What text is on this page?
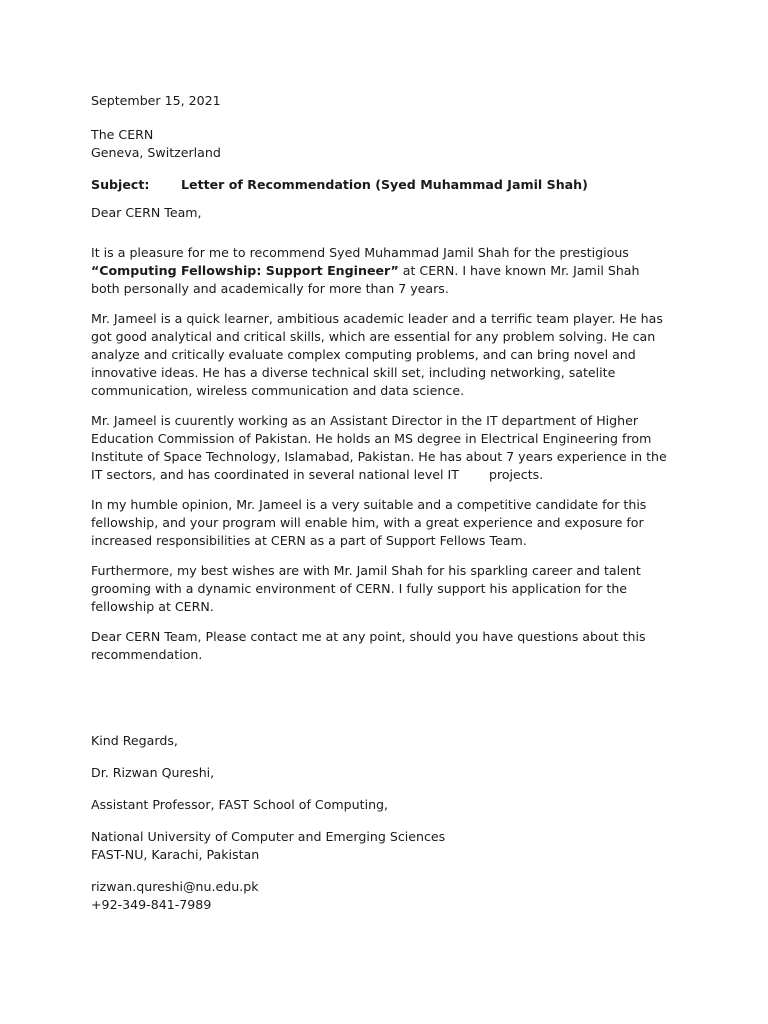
September 15, 2021

The CERN
Geneva, Switzerland

Subject:	Letter of Recommendation (Syed Muhammad Jamil Shah)

Dear CERN Team,

It is a pleasure for me to recommend Syed Muhammad Jamil Shah for the prestigious
“Computing Fellowship: Support Engineer” at CERN. I have known Mr. Jamil Shah
both personally and academically for more than 7 years.

Mr. Jameel is a quick learner, ambitious academic leader and a terrific team player. He has
got good analytical and critical skills, which are essential for any problem solving. He can
analyze and critically evaluate complex computing problems, and can bring novel and
innovative ideas. He has a diverse technical skill set, including networking, satelite
communication, wireless communication and data science.

Mr. Jameel is cuurently working as an Assistant Director in the IT department of Higher
Education Commission of Pakistan. He holds an MS degree in Electrical Engineering from
Institute of Space Technology, Islamabad, Pakistan. He has about 7 years experience in the
IT sectors, and has coordinated in several national level IT projects.

In my humble opinion, Mr. Jameel is a very suitable and a competitive candidate for this
fellowship, and your program will enable him, with a great experience and exposure for
increased responsibilities at CERN as a part of Support Fellows Team.

Furthermore, my best wishes are with Mr. Jamil Shah for his sparkling career and talent
grooming with a dynamic environment of CERN. I fully support his application for the
fellowship at CERN.

Dear CERN Team, Please contact me at any point, should you have questions about this
recommendation.

Kind Regards,

Dr. Rizwan Qureshi,

Assistant Professor, FAST School of Computing,

National University of Computer and Emerging Sciences
FAST-NU, Karachi, Pakistan

rizwan.qureshi@nu.edu.pk
+92-349-841-7989
